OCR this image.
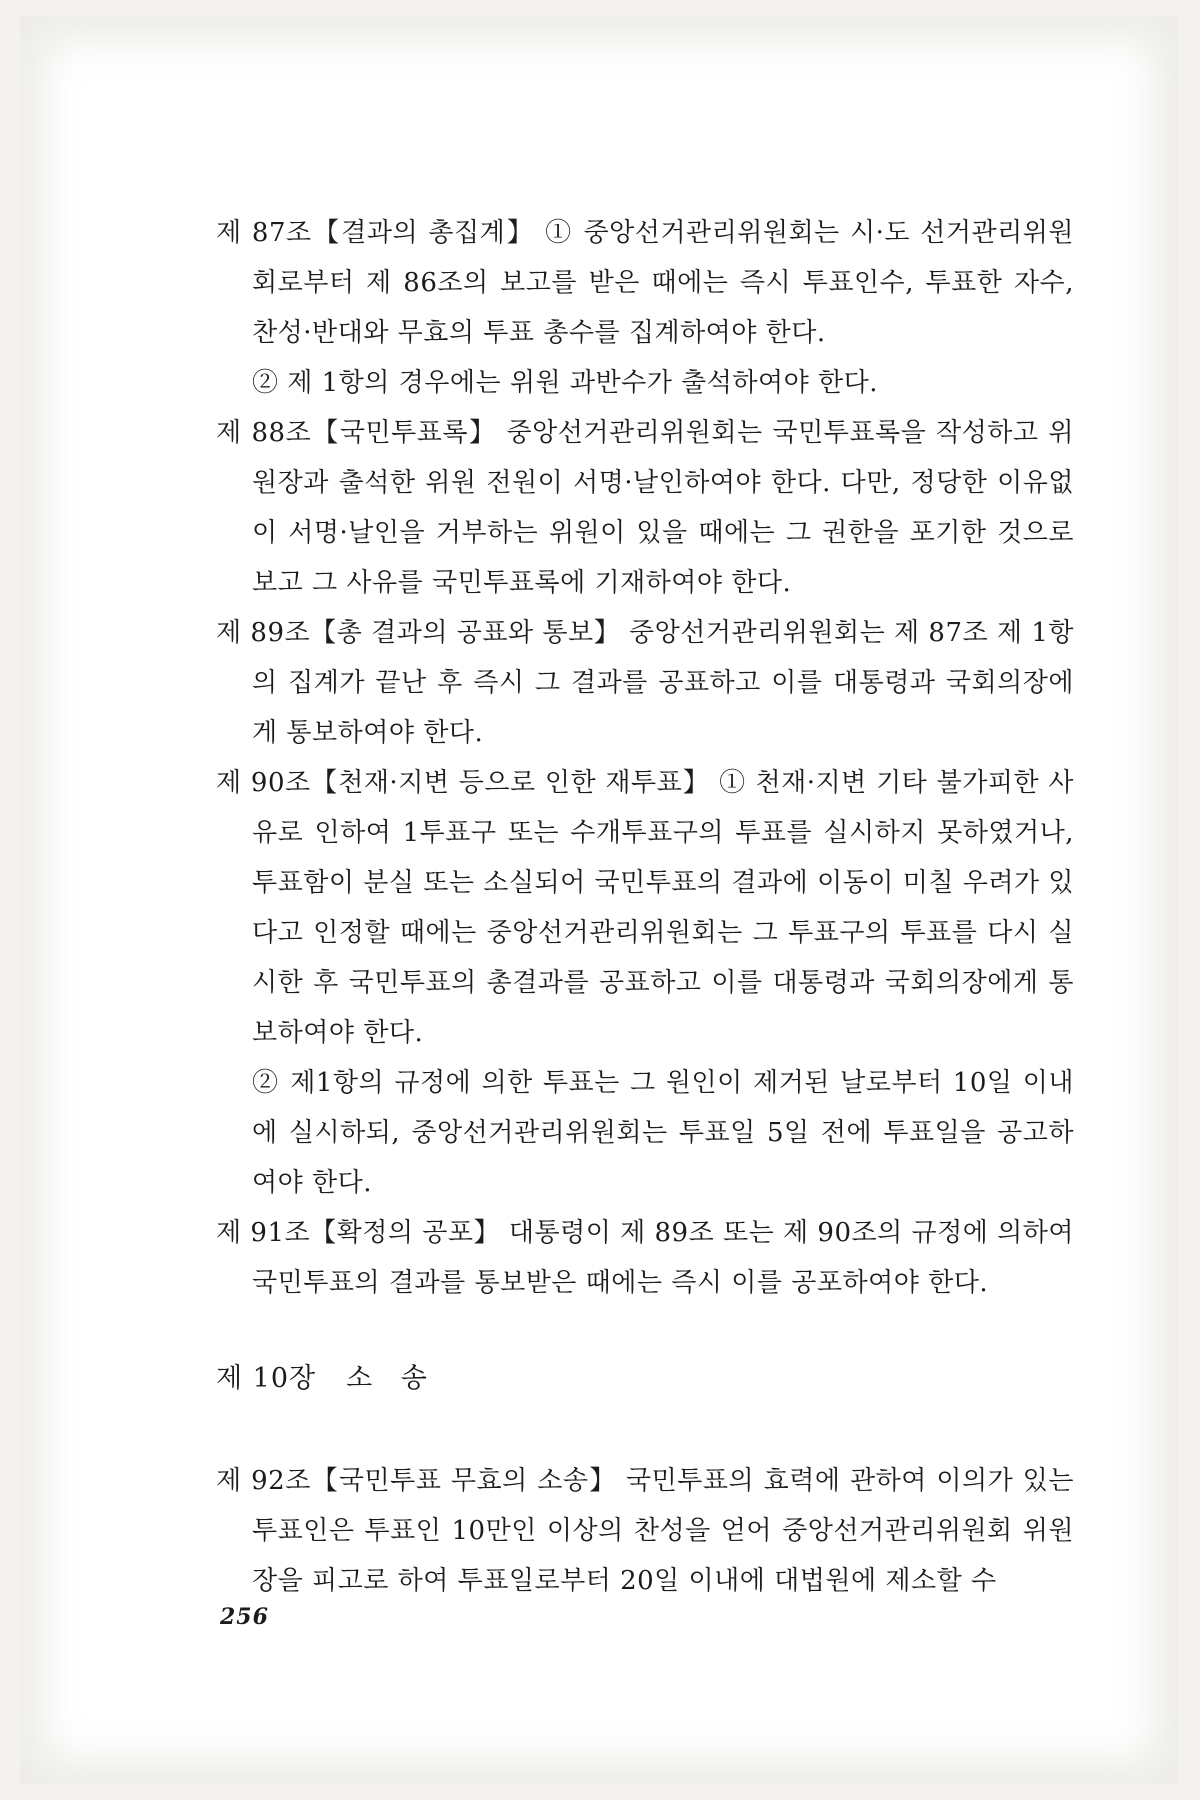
제 87조【결과의 총집계】 ① 중앙선거관리위원회는 시·도 선거관리위원회로부터 제 86조의 보고를 받은 때에는 즉시 투표인수, 투표한 자수, 찬성·반대와 무효의 투표 총수를 집계하여야 한다.

② 제 1항의 경우에는 위원 과반수가 출석하여야 한다.

제 88조【국민투표록】 중앙선거관리위원회는 국민투표록을 작성하고 위원장과 출석한 위원 전원이 서명·날인하여야 한다. 다만, 정당한 이유없이 서명·날인을 거부하는 위원이 있을 때에는 그 권한을 포기한 것으로 보고 그 사유를 국민투표록에 기재하여야 한다.

제 89조【총 결과의 공표와 통보】 중앙선거관리위원회는 제 87조 제 1항의 집계가 끝난 후 즉시 그 결과를 공표하고 이를 대통령과 국회의장에게 통보하여야 한다.

제 90조【천재·지변 등으로 인한 재투표】 ① 천재·지변 기타 불가피한 사유로 인하여 1투표구 또는 수개투표구의 투표를 실시하지 못하였거나, 투표함이 분실 또는 소실되어 국민투표의 결과에 이동이 미칠 우려가 있다고 인정할 때에는 중앙선거관리위원회는 그 투표구의 투표를 다시 실시한 후 국민투표의 총결과를 공표하고 이를 대통령과 국회의장에게 통보하여야 한다.

② 제1항의 규정에 의한 투표는 그 원인이 제거된 날로부터 10일 이내에 실시하되, 중앙선거관리위원회는 투표일 5일 전에 투표일을 공고하여야 한다.

제 91조【확정의 공포】 대통령이 제 89조 또는 제 90조의 규정에 의하여 국민투표의 결과를 통보받은 때에는 즉시 이를 공포하여야 한다.

제 10장 소 송

제 92조【국민투표 무효의 소송】 국민투표의 효력에 관하여 이의가 있는 투표인은 투표인 10만인 이상의 찬성을 얻어 중앙선거관리위원회 위원장을 피고로 하여 투표일로부터 20일 이내에 대법원에 제소할 수

256
